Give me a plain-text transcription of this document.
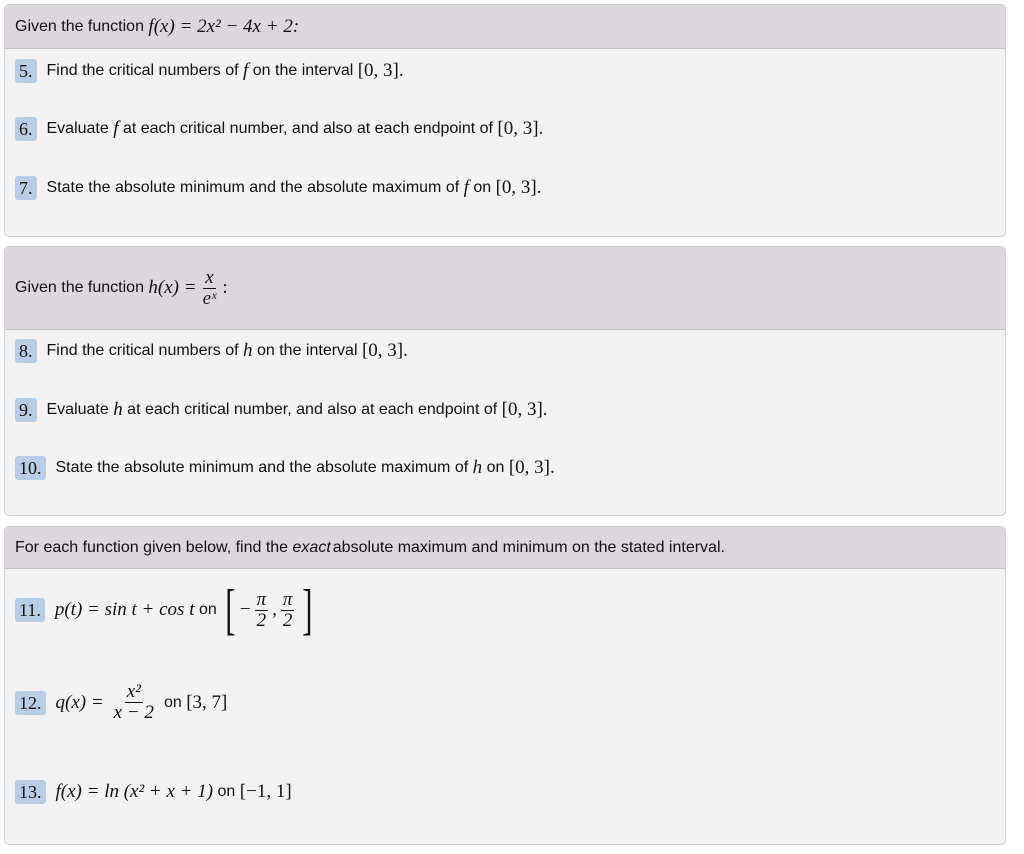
Given the function
f(x) = 2x² − 4x + 2:
5. Find the critical numbers of
f
on the interval
[0, 3].
6. Evaluate
f
at each critical number, and also at each endpoint of
[0, 3].
7. State the absolute minimum and the absolute maximum of
f
on
[0, 3].
Given the function
$h(x) = \frac{x}{\text{eˣ}}$ :
8. Find the critical numbers of
h
on the interval
[0, 3].
9. Evaluate
h
at each critical number, and also at each endpoint of
[0, 3].
10. State the absolute minimum and the absolute maximum of
h
on
[0, 3].
For each function given below, find the
exact absolute maximum and minimum on the stated interval.
11. p(t) = sin t + cos t
on
[ − $\frac{\pi}{2}$ , $\frac{\pi}{2}$ ]
12. $q(x) = \frac{\text{x²}}{x - 2}$ on
[3, 7]
13. f(x) = ln (x² + x + 1)
on
[−1, 1]
